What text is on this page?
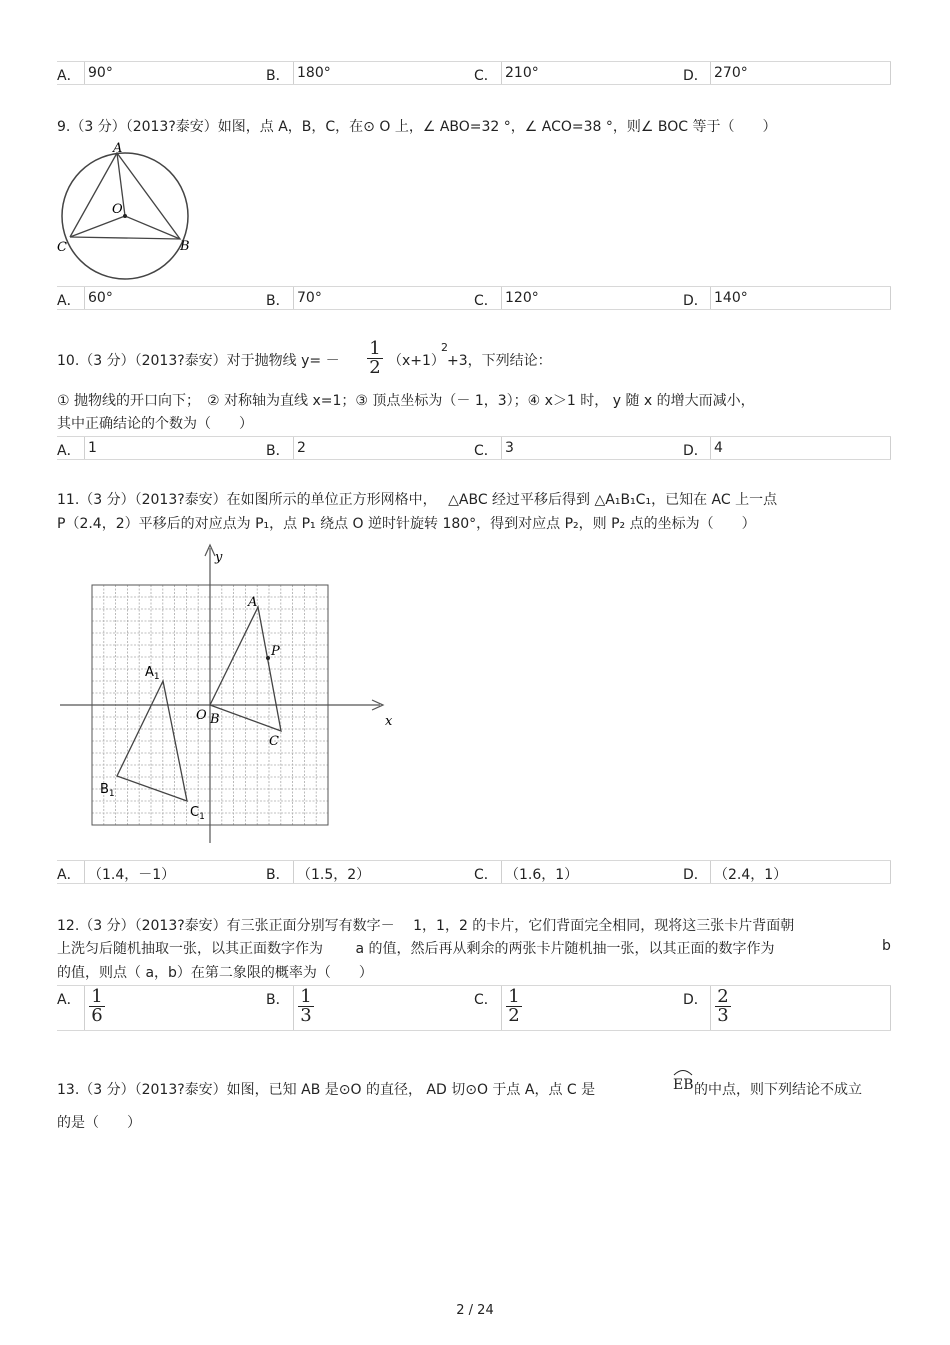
A． 90°	B． 180°	C． 210°	D． 270°
9.（3 分）（2013?泰安）如图，点 A，B，C，在⊙ O 上，∠ ABO=32 °，∠ ACO=38 °，则∠ BOC 等于（　　）
A
O
C	B
A． 60°	B． 70°	C． 120°	D． 140°
10.（3 分）（2013?泰安）对于抛物线 $y= - \frac{1}{2} (x+1)$
2
+3，下列结论：
① 抛物线的开口向下；　② 对称轴为直线 x=1；③ 顶点坐标为（－ 1，3）；④ x＞1 时， y 随 x 的增大而减小，
其中正确结论的个数为（　　）
A． 1	B． 2	C． 3	D． 4
11.（3 分）（2013?泰安）在如图所示的单位正方形网格中，　 △ABC 经过平移后得到 △A₁B₁C₁，已知在 AC 上一点
P（2.4，2）平移后的对应点为 P₁，点 P₁ 绕点 O 逆时针旋转 180°，得到对应点 P₂，则 P₂ 点的坐标为（　　）
x
y
O B
A
P
C
$A_1$
$B_1$
$C_1$
A． （1.4，－1）	B． （1.5，2）	C． （1.6，1）	D． （2.4，1）
12.（3 分）（2013?泰安）有三张正面分别写有数字－　 1，1，2 的卡片，它们背面完全相同，现将这三张卡片背面朝
上洗匀后随机抽取一张，以其正面数字作为　　 a 的值，然后再从剩余的两张卡片随机抽一张，以其正面的数字作为	b
的值，则点（ a，b）在第二象限的概率为（　　）
A． $\frac{1}{6}$	B． $\frac{1}{3}$	C． $\frac{1}{2}$	D． $\frac{2}{3}$
13.（3 分）（2013?泰安）如图，已知 AB 是⊙O 的直径， AD 切⊙O 于点 A，点 C 是	EB 的中点，则下列结论不成立
的是（　　）
2 / 24
